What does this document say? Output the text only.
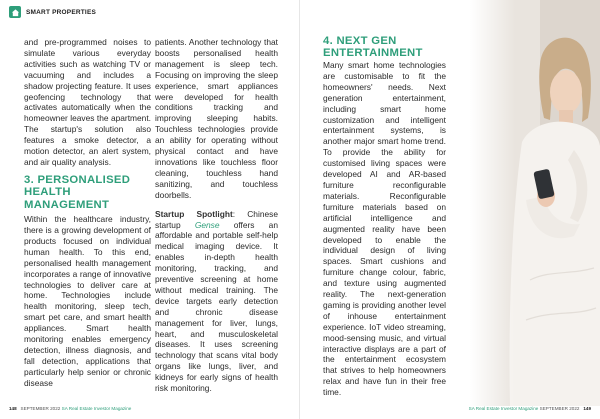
SMART PROPERTIES

and pre-programmed noises to simulate various everyday activities such as watching TV or vacuuming and includes a shadow projecting feature. It uses geofencing technology that activates automatically when the homeowner leaves the apartment. The startup's solution also features a smoke detector, a motion detector, an alert system, and air quality analysis.

3. PERSONALISED HEALTH MANAGEMENT

Within the healthcare industry, there is a growing development of products focused on individual human health. To this end, personalised health management incorporates a range of innovative technologies to deliver care at home. Technologies include health monitoring, sleep tech, smart pet care, and smart health appliances. Smart health monitoring enables emergency detection, illness diagnosis, and fall detection, applications that particularly help senior or chronic disease

patients. Another technology that boosts personalised health management is sleep tech. Focusing on improving the sleep experience, smart appliances were developed for health conditions tracking and improving sleeping habits. Touchless technologies provide an ability for operating without physical contact and have innovations like touchless floor cleaning, touchless hand sanitizing, and touchless doorbells.

Startup Spotlight: Chinese startup Gense offers an affordable and portable self-help medical imaging device. It enables in-depth health monitoring, tracking, and preventive screening at home without medical training. The device targets early detection and chronic disease management for liver, lungs, heart, and musculoskeletal diseases. It uses screening technology that scans vital body organs like lungs, liver, and kidneys for early signs of health risk monitoring.

4. NEXT GEN ENTERTAINMENT

Many smart home technologies are customisable to fit the homeowners' needs. Next generation entertainment, including smart home customization and intelligent entertainment systems, is another major smart home trend. To provide the ability for customised living spaces were developed AI and AR-based furniture reconfigurable materials. Reconfigurable furniture materials based on artificial intelligence and augmented reality have been developed to enable the individual design of living spaces. Smart cushions and furniture change colour, fabric, and texture using augmented reality. The next-generation gaming is providing another level of inhouse entertainment experience. IoT video streaming, mood-sensing music, and virtual interactive displays are a part of the entertainment ecosystem that strives to help homeowners relax and have fun in their free time.

148 SEPTEMBER 2022 SA Real Estate Investor Magazine	SA Real Estate Investor Magazine SEPTEMBER 2022 149
